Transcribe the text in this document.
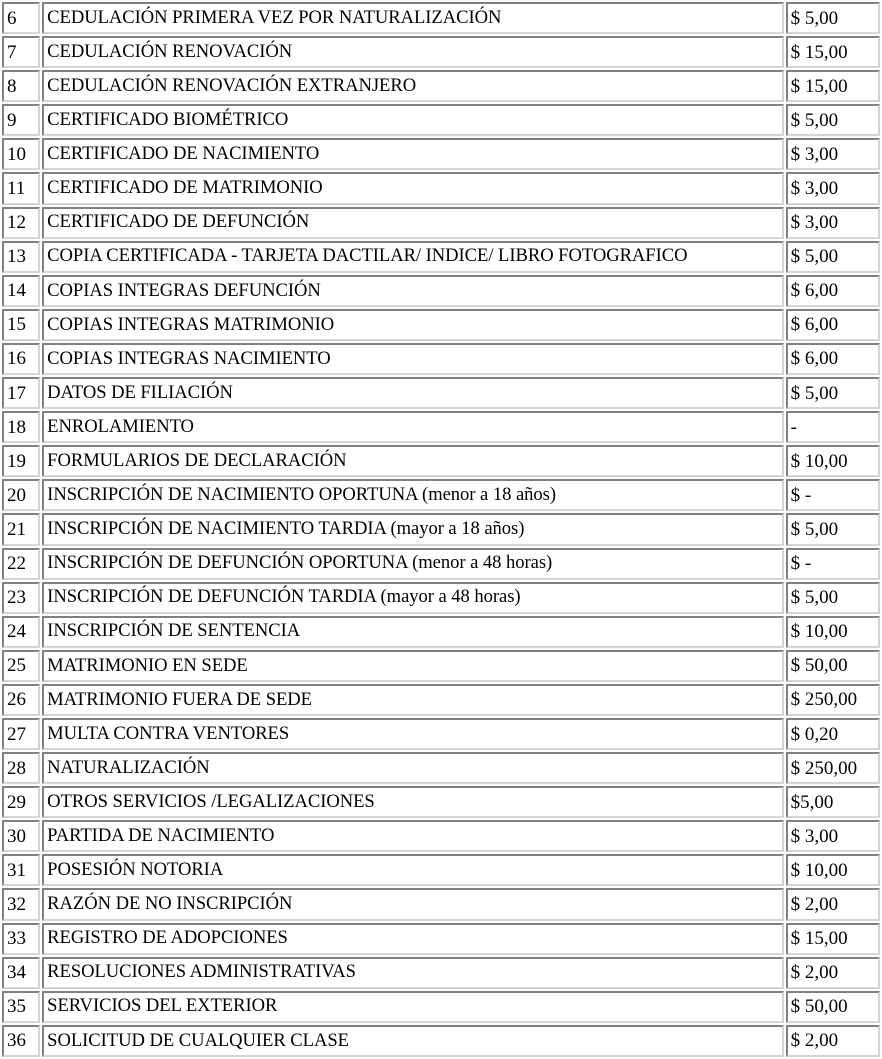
6	CEDULACIÓN PRIMERA VEZ POR NATURALIZACIÓN	$ 5,00
7	CEDULACIÓN RENOVACIÓN	$ 15,00
8	CEDULACIÓN RENOVACIÓN EXTRANJERO	$ 15,00
9	CERTIFICADO BIOMÉTRICO	$ 5,00
10	CERTIFICADO DE NACIMIENTO	$ 3,00
11	CERTIFICADO DE MATRIMONIO	$ 3,00
12	CERTIFICADO DE DEFUNCIÓN	$ 3,00
13	COPIA CERTIFICADA - TARJETA DACTILAR/ INDICE/ LIBRO FOTOGRAFICO	$ 5,00
14	COPIAS INTEGRAS DEFUNCIÓN	$ 6,00
15	COPIAS INTEGRAS MATRIMONIO	$ 6,00
16	COPIAS INTEGRAS NACIMIENTO	$ 6,00
17	DATOS DE FILIACIÓN	$ 5,00
18	ENROLAMIENTO	-
19	FORMULARIOS DE DECLARACIÓN	$ 10,00
20	INSCRIPCIÓN DE NACIMIENTO OPORTUNA (menor a 18 años)	$ -
21	INSCRIPCIÓN DE NACIMIENTO TARDIA (mayor a 18 años)	$ 5,00
22	INSCRIPCIÓN DE DEFUNCIÓN OPORTUNA (menor a 48 horas)	$ -
23	INSCRIPCIÓN DE DEFUNCIÓN TARDIA (mayor a 48 horas)	$ 5,00
24	INSCRIPCIÓN DE SENTENCIA	$ 10,00
25	MATRIMONIO EN SEDE	$ 50,00
26	MATRIMONIO FUERA DE SEDE	$ 250,00
27	MULTA CONTRA VENTORES	$ 0,20
28	NATURALIZACIÓN	$ 250,00
29	OTROS SERVICIOS /LEGALIZACIONES	$5,00
30	PARTIDA DE NACIMIENTO	$ 3,00
31	POSESIÓN NOTORIA	$ 10,00
32	RAZÓN DE NO INSCRIPCIÓN	$ 2,00
33	REGISTRO DE ADOPCIONES	$ 15,00
34	RESOLUCIONES ADMINISTRATIVAS	$ 2,00
35	SERVICIOS DEL EXTERIOR	$ 50,00
36	SOLICITUD DE CUALQUIER CLASE	$ 2,00
